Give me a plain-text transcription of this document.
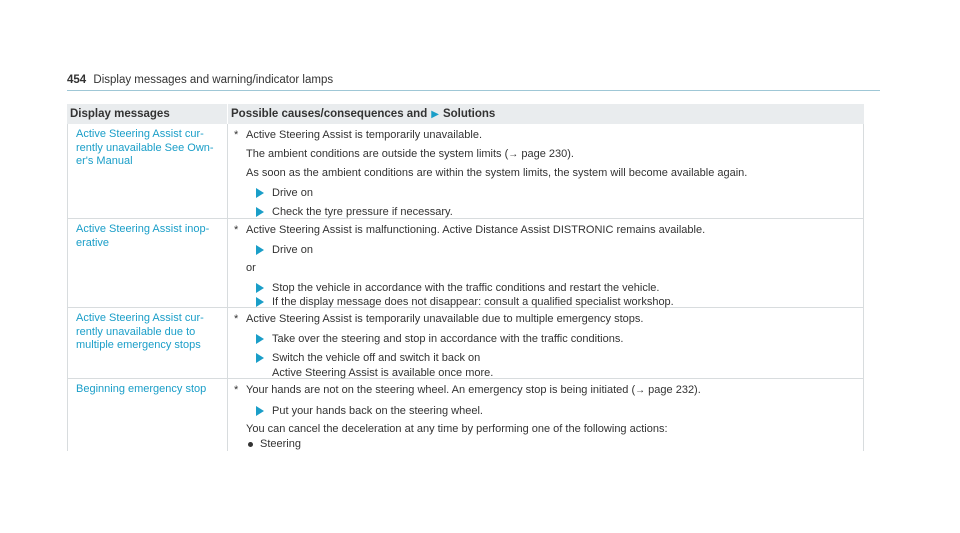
454 Display messages and warning/indicator lamps
Display messages	Possible causes/consequences and ▶ Solutions
Active Steering Assist cur-
rently unavailable See Own-
er's Manual
* Active Steering Assist is temporarily unavailable.
The ambient conditions are outside the system limits (→ page 230).
As soon as the ambient conditions are within the system limits, the system will become available again.
Drive on
Check the tyre pressure if necessary.
Active Steering Assist inop-
erative
* Active Steering Assist is malfunctioning. Active Distance Assist DISTRONIC remains available.
Drive on
or
Stop the vehicle in accordance with the traffic conditions and restart the vehicle.
If the display message does not disappear: consult a qualified specialist workshop.
Active Steering Assist cur-
rently unavailable due to
multiple emergency stops
* Active Steering Assist is temporarily unavailable due to multiple emergency stops.
Take over the steering and stop in accordance with the traffic conditions.
Switch the vehicle off and switch it back on
Active Steering Assist is available once more.
Beginning emergency stop	* Your hands are not on the steering wheel. An emergency stop is being initiated (→ page 232).
Put your hands back on the steering wheel.
You can cancel the deceleration at any time by performing one of the following actions:
Steering
